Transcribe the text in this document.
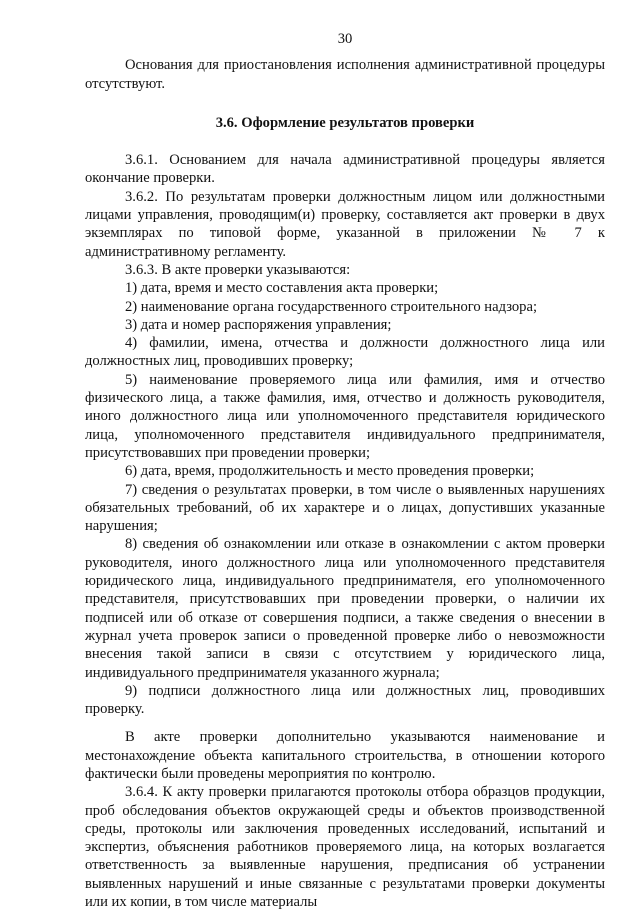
30

Основания для приостановления исполнения административной процедуры отсутствуют.

3.6. Оформление результатов проверки

3.6.1. Основанием для начала административной процедуры является окончание проверки.

3.6.2. По результатам проверки должностным лицом или должностными лицами управления, проводящим(и) проверку, составляется акт проверки в двух экземплярах по типовой форме, указанной в приложении № 7 к административному регламенту.

3.6.3. В акте проверки указываются:

1) дата, время и место составления акта проверки;

2) наименование органа государственного строительного надзора;

3) дата и номер распоряжения управления;

4) фамилии, имена, отчества и должности должностного лица или должностных лиц, проводивших проверку;

5) наименование проверяемого лица или фамилия, имя и отчество физического лица, а также фамилия, имя, отчество и должность руководителя, иного должностного лица или уполномоченного представителя юридического лица, уполномоченного представителя индивидуального предпринимателя, присутствовавших при проведении проверки;

6) дата, время, продолжительность и место проведения проверки;

7) сведения о результатах проверки, в том числе о выявленных нарушениях обязательных требований, об их характере и о лицах, допустивших указанные нарушения;

8) сведения об ознакомлении или отказе в ознакомлении с актом проверки руководителя, иного должностного лица или уполномоченного представителя юридического лица, индивидуального предпринимателя, его уполномоченного представителя, присутствовавших при проведении проверки, о наличии их подписей или об отказе от совершения подписи, а также сведения о внесении в журнал учета проверок записи о проведенной проверке либо о невозможности внесения такой записи в связи с отсутствием у юридического лица, индивидуального предпринимателя указанного журнала;

9) подписи должностного лица или должностных лиц, проводивших проверку.

В акте проверки дополнительно указываются наименование и местонахождение объекта капитального строительства, в отношении которого фактически были проведены мероприятия по контролю.

3.6.4. К акту проверки прилагаются протоколы отбора образцов продукции, проб обследования объектов окружающей среды и объектов производственной среды, протоколы или заключения проведенных исследований, испытаний и экспертиз, объяснения работников проверяемого лица, на которых возлагается ответственность за выявленные нарушения, предписания об устранении выявленных нарушений и иные связанные с результатами проверки документы или их копии, в том числе материалы
